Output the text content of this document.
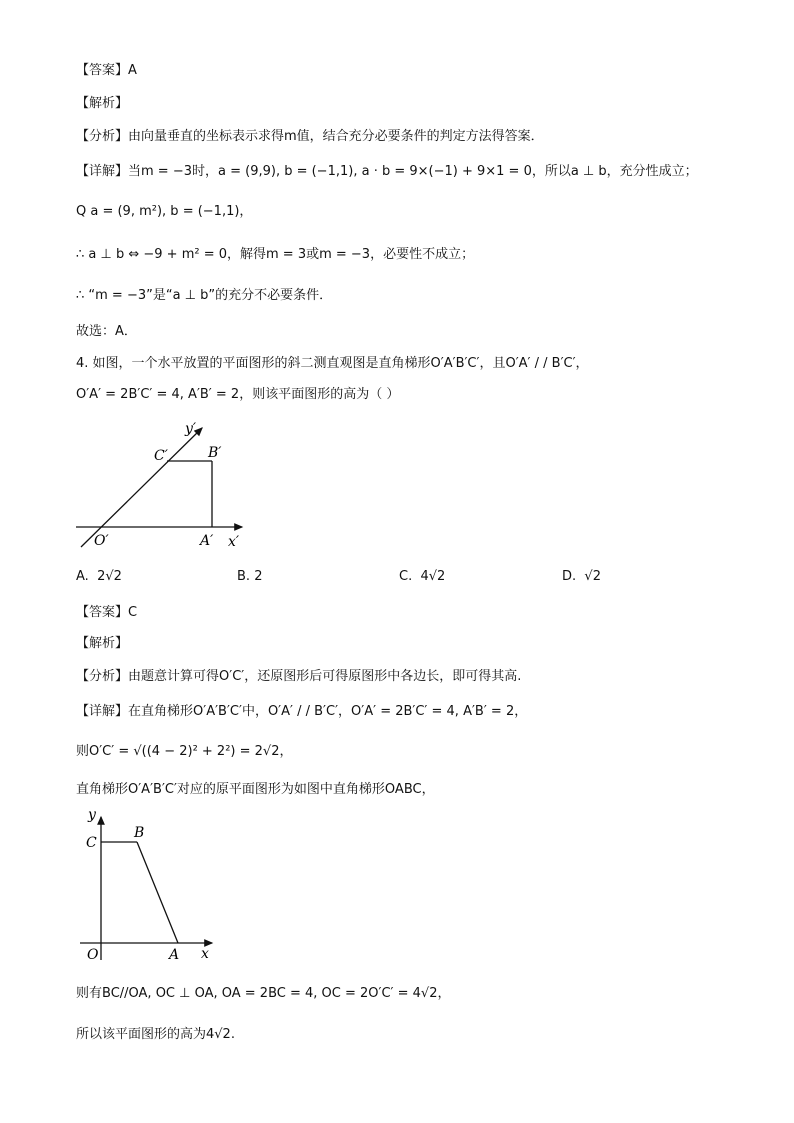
【答案】A
【解析】
【分析】由向量垂直的坐标表示求得m值，结合充分必要条件的判定方法得答案．
【详解】当m = −3时，a = (9,9), b = (−1,1), a · b = 9×(−1) + 9×1 = 0，所以a ⊥ b，充分性成立；
Q a = (9, m²), b = (−1,1)，
∴ a ⊥ b ⇔ −9 + m² = 0，解得m = 3或m = −3，必要性不成立；
∴ “m = −3”是“a ⊥ b”的充分不必要条件．
故选：A．
4. 如图，一个水平放置的平面图形的斜二测直观图是直角梯形O′A′B′C′，且O′A′ / / B′C′，
O′A′ = 2B′C′ = 4, A′B′ = 2，则该平面图形的高为（ ）
y′
C′	B′
O′	A′ x′
A. 2√2	B. 2	C. 4√2	D. √2
【答案】C
【解析】
【分析】由题意计算可得O′C′，还原图形后可得原图形中各边长，即可得其高.
【详解】在直角梯形O′A′B′C′中，O′A′ / / B′C′，O′A′ = 2B′C′ = 4, A′B′ = 2，
则O′C′ = √((4 − 2)² + 2²) = 2√2，
直角梯形O′A′B′C′对应的原平面图形为如图中直角梯形OABC，
y
C
B
O	A x
则有BC//OA, OC ⊥ OA, OA = 2BC = 4, OC = 2O′C′ = 4√2，
所以该平面图形的高为4√2.
